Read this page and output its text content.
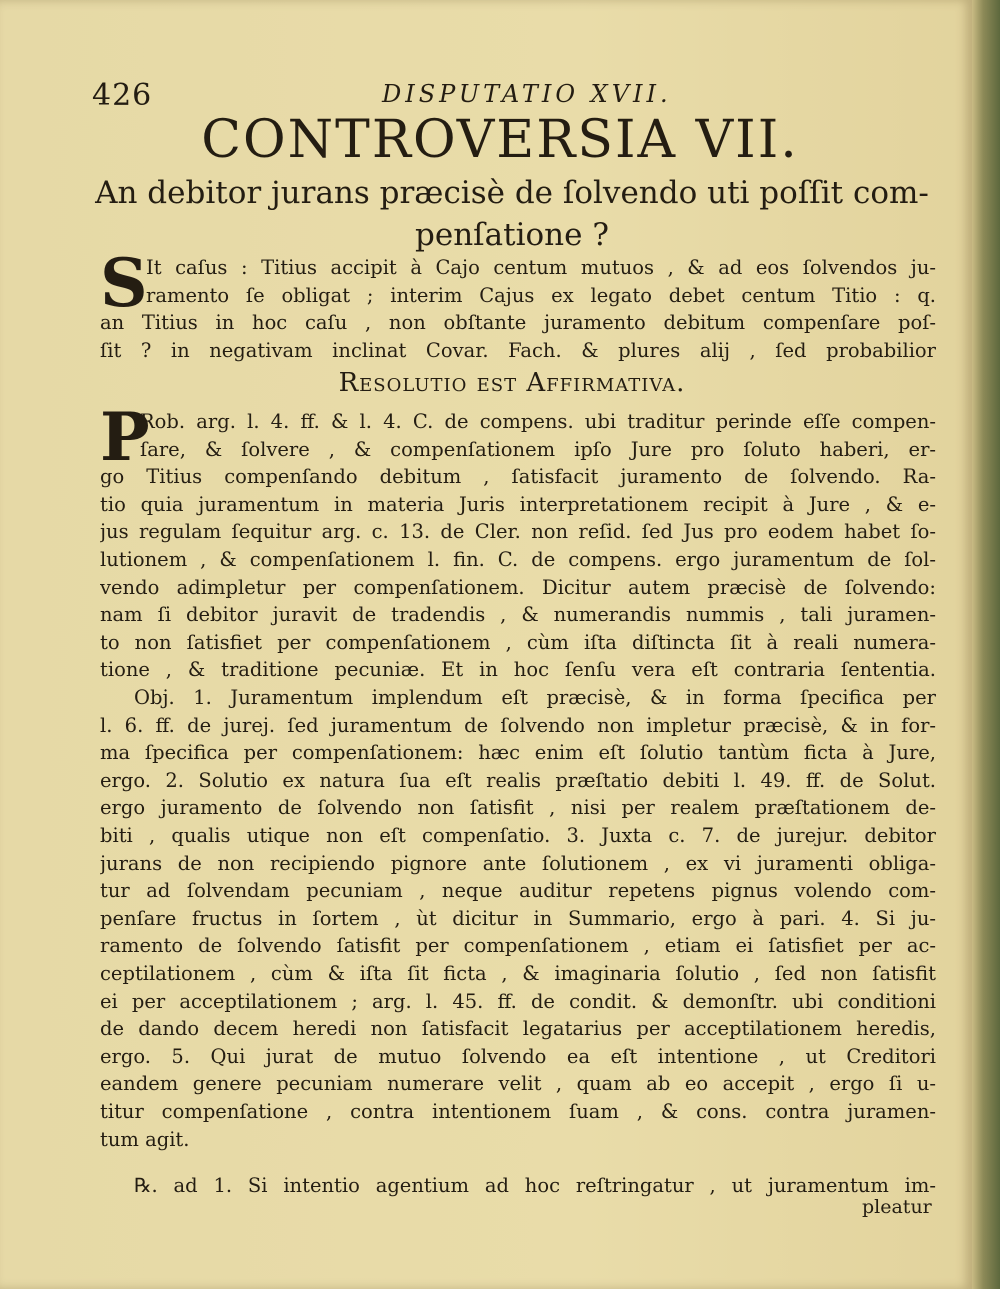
426	DISPUTATIO XVII.
CONTROVERSIA VII.
An debitor jurans præcisè de ſolvendo uti poſſit com-
penſatione ?
S
It caſus : Titius accipit à Cajo centum mutuos , & ad eos ſolvendos ju-
ramento ſe obligat ; interim Cajus ex legato debet centum Titio : q.
an Titius in hoc caſu , non obſtante juramento debitum compenſare poſ-
ſit ? in negativam inclinat Covar. Fach. & plures alij , ſed probabilior
Resolutio est Affirmativa.
P
Rob. arg. l. 4. ff. & l. 4. C. de compens. ubi traditur perinde eſſe compen-
ſare, & ſolvere , & compenſationem ipſo Jure pro ſoluto haberi, er-
go Titius compenſando debitum , ſatisfacit juramento de ſolvendo. Ra-
tio quia juramentum in materia Juris interpretationem recipit à Jure , & e-
jus regulam ſequitur arg. c. 13. de Cler. non reſid. ſed Jus pro eodem habet ſo-
lutionem , & compenſationem l. fin. C. de compens. ergo juramentum de ſol-
vendo adimpletur per compenſationem. Dicitur autem præcisè de ſolvendo:
nam ſi debitor juravit de tradendis , & numerandis nummis , tali juramen-
to non ſatisfiet per compenſationem , cùm iſta diſtincta ſit à reali numera-
tione , & traditione pecuniæ. Et in hoc ſenſu vera eſt contraria ſententia.
Obj. 1. Juramentum implendum eſt præcisè, & in forma ſpecifica per
l. 6. ff. de jurej. ſed juramentum de ſolvendo non impletur præcisè, & in for-
ma ſpecifica per compenſationem: hæc enim eſt ſolutio tantùm ficta à Jure,
ergo. 2. Solutio ex natura ſua eſt realis præſtatio debiti l. 49. ff. de Solut.
ergo juramento de ſolvendo non ſatisfit , nisi per realem præſtationem de-
biti , qualis utique non eſt compenſatio. 3. Juxta c. 7. de jurejur. debitor
jurans de non recipiendo pignore ante ſolutionem , ex vi juramenti obliga-
tur ad ſolvendam pecuniam , neque auditur repetens pignus volendo com-
penſare fructus in ſortem , ùt dicitur in Summario, ergo à pari. 4. Si ju-
ramento de ſolvendo ſatisfit per compenſationem , etiam ei ſatisfiet per ac-
ceptilationem , cùm & iſta ſit ficta , & imaginaria ſolutio , ſed non ſatisfit
ei per acceptilationem ; arg. l. 45. ff. de condit. & demonſtr. ubi conditioni
de dando decem heredi non ſatisfacit legatarius per acceptilationem heredis,
ergo. 5. Qui jurat de mutuo ſolvendo ea eſt intentione , ut Creditori
eandem genere pecuniam numerare velit , quam ab eo accepit , ergo ſi u-
titur compenſatione , contra intentionem ſuam , & cons. contra juramen-
tum agit.
℞. ad 1. Si intentio agentium ad hoc reſtringatur , ut juramentum im-
pleatur
